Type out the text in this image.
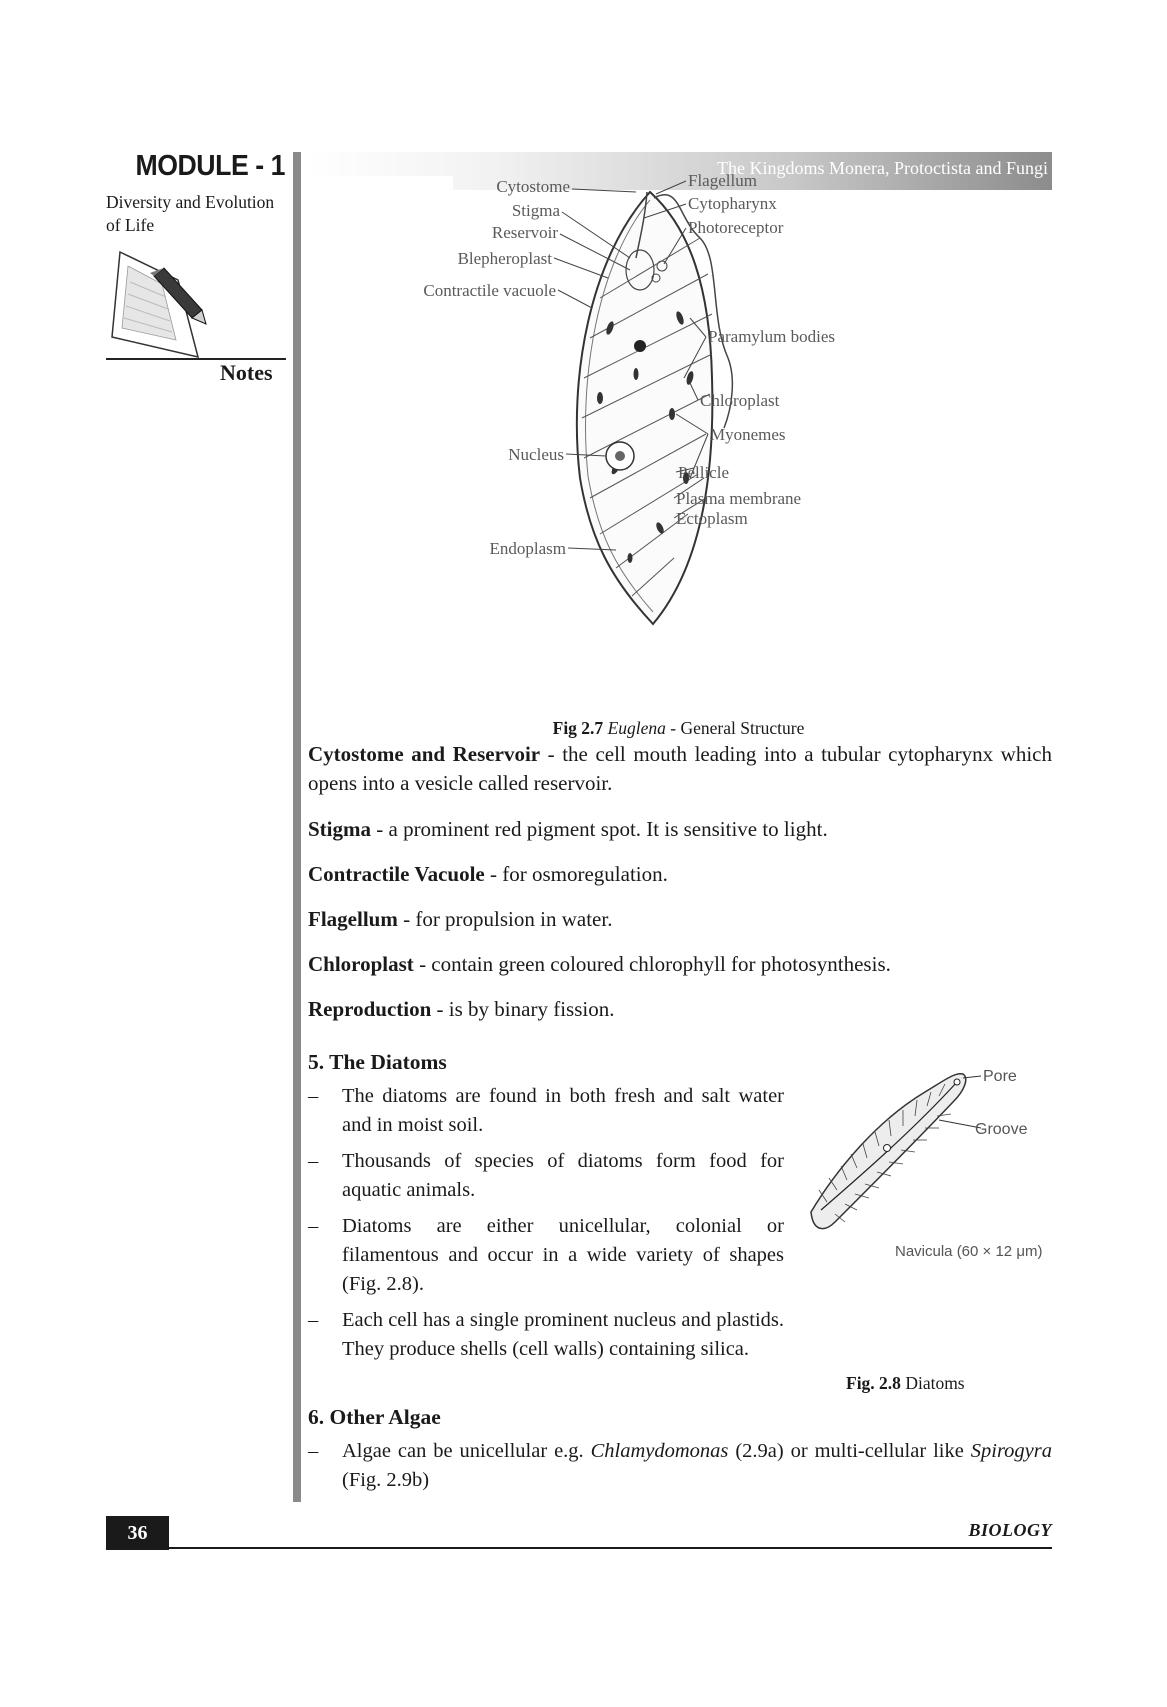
MODULE - 1
Diversity and Evolution
of Life
Notes
The Kingdoms Monera, Protoctista and Fungi
Cytostome
Stigma
Reservoir
Blepheroplast
Contractile vacuole
Flagellum
Cytopharynx
Photoreceptor
Paramylum bodies
Chloroplast
Myonemes
Nucleus
Pellicle
Plasma membrane
Ectoplasm
Endoplasm
Fig 2.7 Euglena - General Structure
Cytostome and Reservoir - the cell mouth leading into a tubular cytopharynx which opens into a vesicle called reservoir.
Stigma - a prominent red pigment spot. It is sensitive to light.
Contractile Vacuole - for osmoregulation.
Flagellum - for propulsion in water.
Chloroplast - contain green coloured chlorophyll for photosynthesis.
Reproduction - is by binary fission.
5. The Diatoms
– The diatoms are found in both fresh and salt water and in moist soil.
– Thousands of species of diatoms form food for aquatic animals.
– Diatoms are either unicellular, colonial or filamentous and occur in a wide variety of shapes (Fig. 2.8).
– Each cell has a single prominent nucleus and plastids. They produce shells (cell walls) containing silica.
Pore
Groove
Navicula (60 × 12 μm)
Fig. 2.8 Diatoms
6. Other Algae
– Algae can be unicellular e.g. Chlamydomonas (2.9a) or multi-cellular like Spirogyra (Fig. 2.9b)
36	BIOLOGY
